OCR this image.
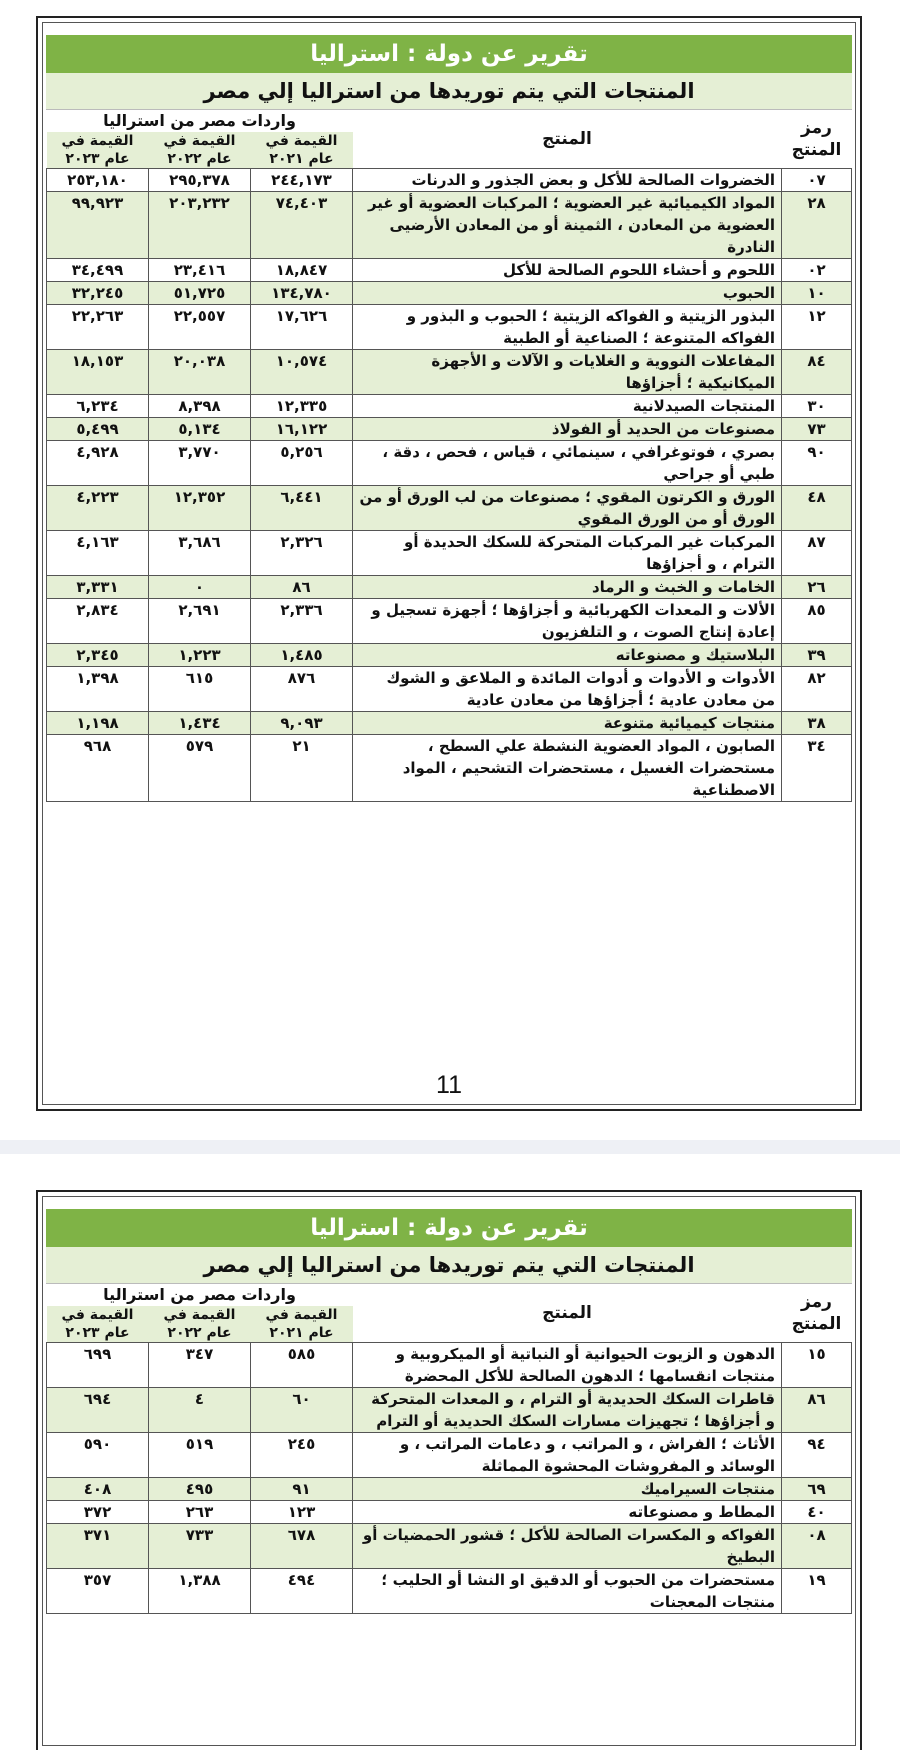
تقرير عن دولة : استراليا
المنتجات التي يتم توريدها من استراليا إلي مصر
رمز المنتج	المنتج	واردات مصر من استراليا		
		القيمة في عام ٢٠٢١	القيمة في عام ٢٠٢٢	القيمة في عام ٢٠٢٣
٠٧	الخضروات الصالحة للأكل و بعض الجذور و الدرنات	٢٤٤,١٧٣	٢٩٥,٣٧٨	٢٥٣,١٨٠
٢٨	المواد الكيميائية غير العضوية ؛ المركبات العضوية أو غير العضوية من المعادن ، الثمينة أو من المعادن الأرضيى النادرة	٧٤,٤٠٣	٢٠٣,٢٣٢	٩٩,٩٢٣
٠٢	اللحوم و أحشاء اللحوم الصالحة للأكل	١٨,٨٤٧	٢٣,٤١٦	٣٤,٤٩٩
١٠	الحبوب	١٣٤,٧٨٠	٥١,٧٢٥	٣٢,٢٤٥
١٢	البذور الزيتية و الفواكه الزيتية ؛ الحبوب و البذور و الفواكه المتنوعة ؛ الصناعية أو الطبية	١٧,٦٢٦	٢٢,٥٥٧	٢٢,٢٦٣
٨٤	المفاعلات النووية و الغلايات و الآلات و الأجهزة الميكانيكية ؛ أجزاؤها	١٠,٥٧٤	٢٠,٠٣٨	١٨,١٥٣
٣٠	المنتجات الصيدلانية	١٢,٣٣٥	٨,٣٩٨	٦,٢٣٤
٧٣	مصنوعات من الحديد أو الفولاذ	١٦,١٢٢	٥,١٣٤	٥,٤٩٩
٩٠	بصري ، فوتوغرافي ، سينمائي ، قياس ، فحص ، دقة ، طبي أو جراحي	٥,٢٥٦	٣,٧٧٠	٤,٩٢٨
٤٨	الورق و الكرتون المقوي ؛ مصنوعات من لب الورق أو من الورق أو من الورق المقوي	٦,٤٤١	١٢,٣٥٢	٤,٢٢٣
٨٧	المركبات غير المركبات المتحركة للسكك الحديدة أو الترام ، و أجزاؤها	٢,٣٢٦	٣,٦٨٦	٤,١٦٣
٢٦	الخامات و الخبث و الرماد	٨٦	٠	٣,٣٣١
٨٥	الألات و المعدات الكهربائية و أجزاؤها ؛ أجهزة تسجيل و إعادة إنتاج الصوت ، و التلفزيون	٢,٣٣٦	٢,٦٩١	٢,٨٣٤
٣٩	البلاستيك و مصنوعاته	١,٤٨٥	١,٢٢٣	٢,٣٤٥
٨٢	الأدوات و الأدوات و أدوات المائدة و الملاعق و الشوك من معادن عادية ؛ أجزاؤها من معادن عادية	٨٧٦	٦١٥	١,٣٩٨
٣٨	منتجات كيميائية متنوعة	٩,٠٩٣	١,٤٣٤	١,١٩٨
٣٤	الصابون ، المواد العضوية النشطة علي السطح ، مستحضرات الغسيل ، مستحضرات التشحيم ، المواد الاصطناعية	٢١	٥٧٩	٩٦٨
11
تقرير عن دولة : استراليا
المنتجات التي يتم توريدها من استراليا إلي مصر
رمز المنتج	المنتج	واردات مصر من استراليا		
		القيمة في عام ٢٠٢١	القيمة في عام ٢٠٢٢	القيمة في عام ٢٠٢٣
١٥	الدهون و الزيوت الحيوانية أو النباتية أو الميكروبية و منتجات انقسامها ؛ الدهون الصالحة للأكل المحضرة	٥٨٥	٣٤٧	٦٩٩
٨٦	قاطرات السكك الحديدية أو الترام ، و المعدات المتحركة و أجزاؤها ؛ تجهيزات مسارات السكك الحديدية أو الترام	٦٠	٤	٦٩٤
٩٤	الأثاث ؛ الفراش ، و المراتب ، و دعامات المراتب ، و الوسائد و المفروشات المحشوة المماثلة	٢٤٥	٥١٩	٥٩٠
٦٩	منتجات السيراميك	٩١	٤٩٥	٤٠٨
٤٠	المطاط و مصنوعاته	١٢٣	٢٦٣	٣٧٢
٠٨	الفواكه و المكسرات الصالحة للأكل ؛ قشور الحمضيات أو البطيخ	٦٧٨	٧٣٣	٣٧١
١٩	مستحضرات من الحبوب أو الدقيق او النشا أو الحليب ؛ منتجات المعجنات	٤٩٤	١,٣٨٨	٣٥٧
